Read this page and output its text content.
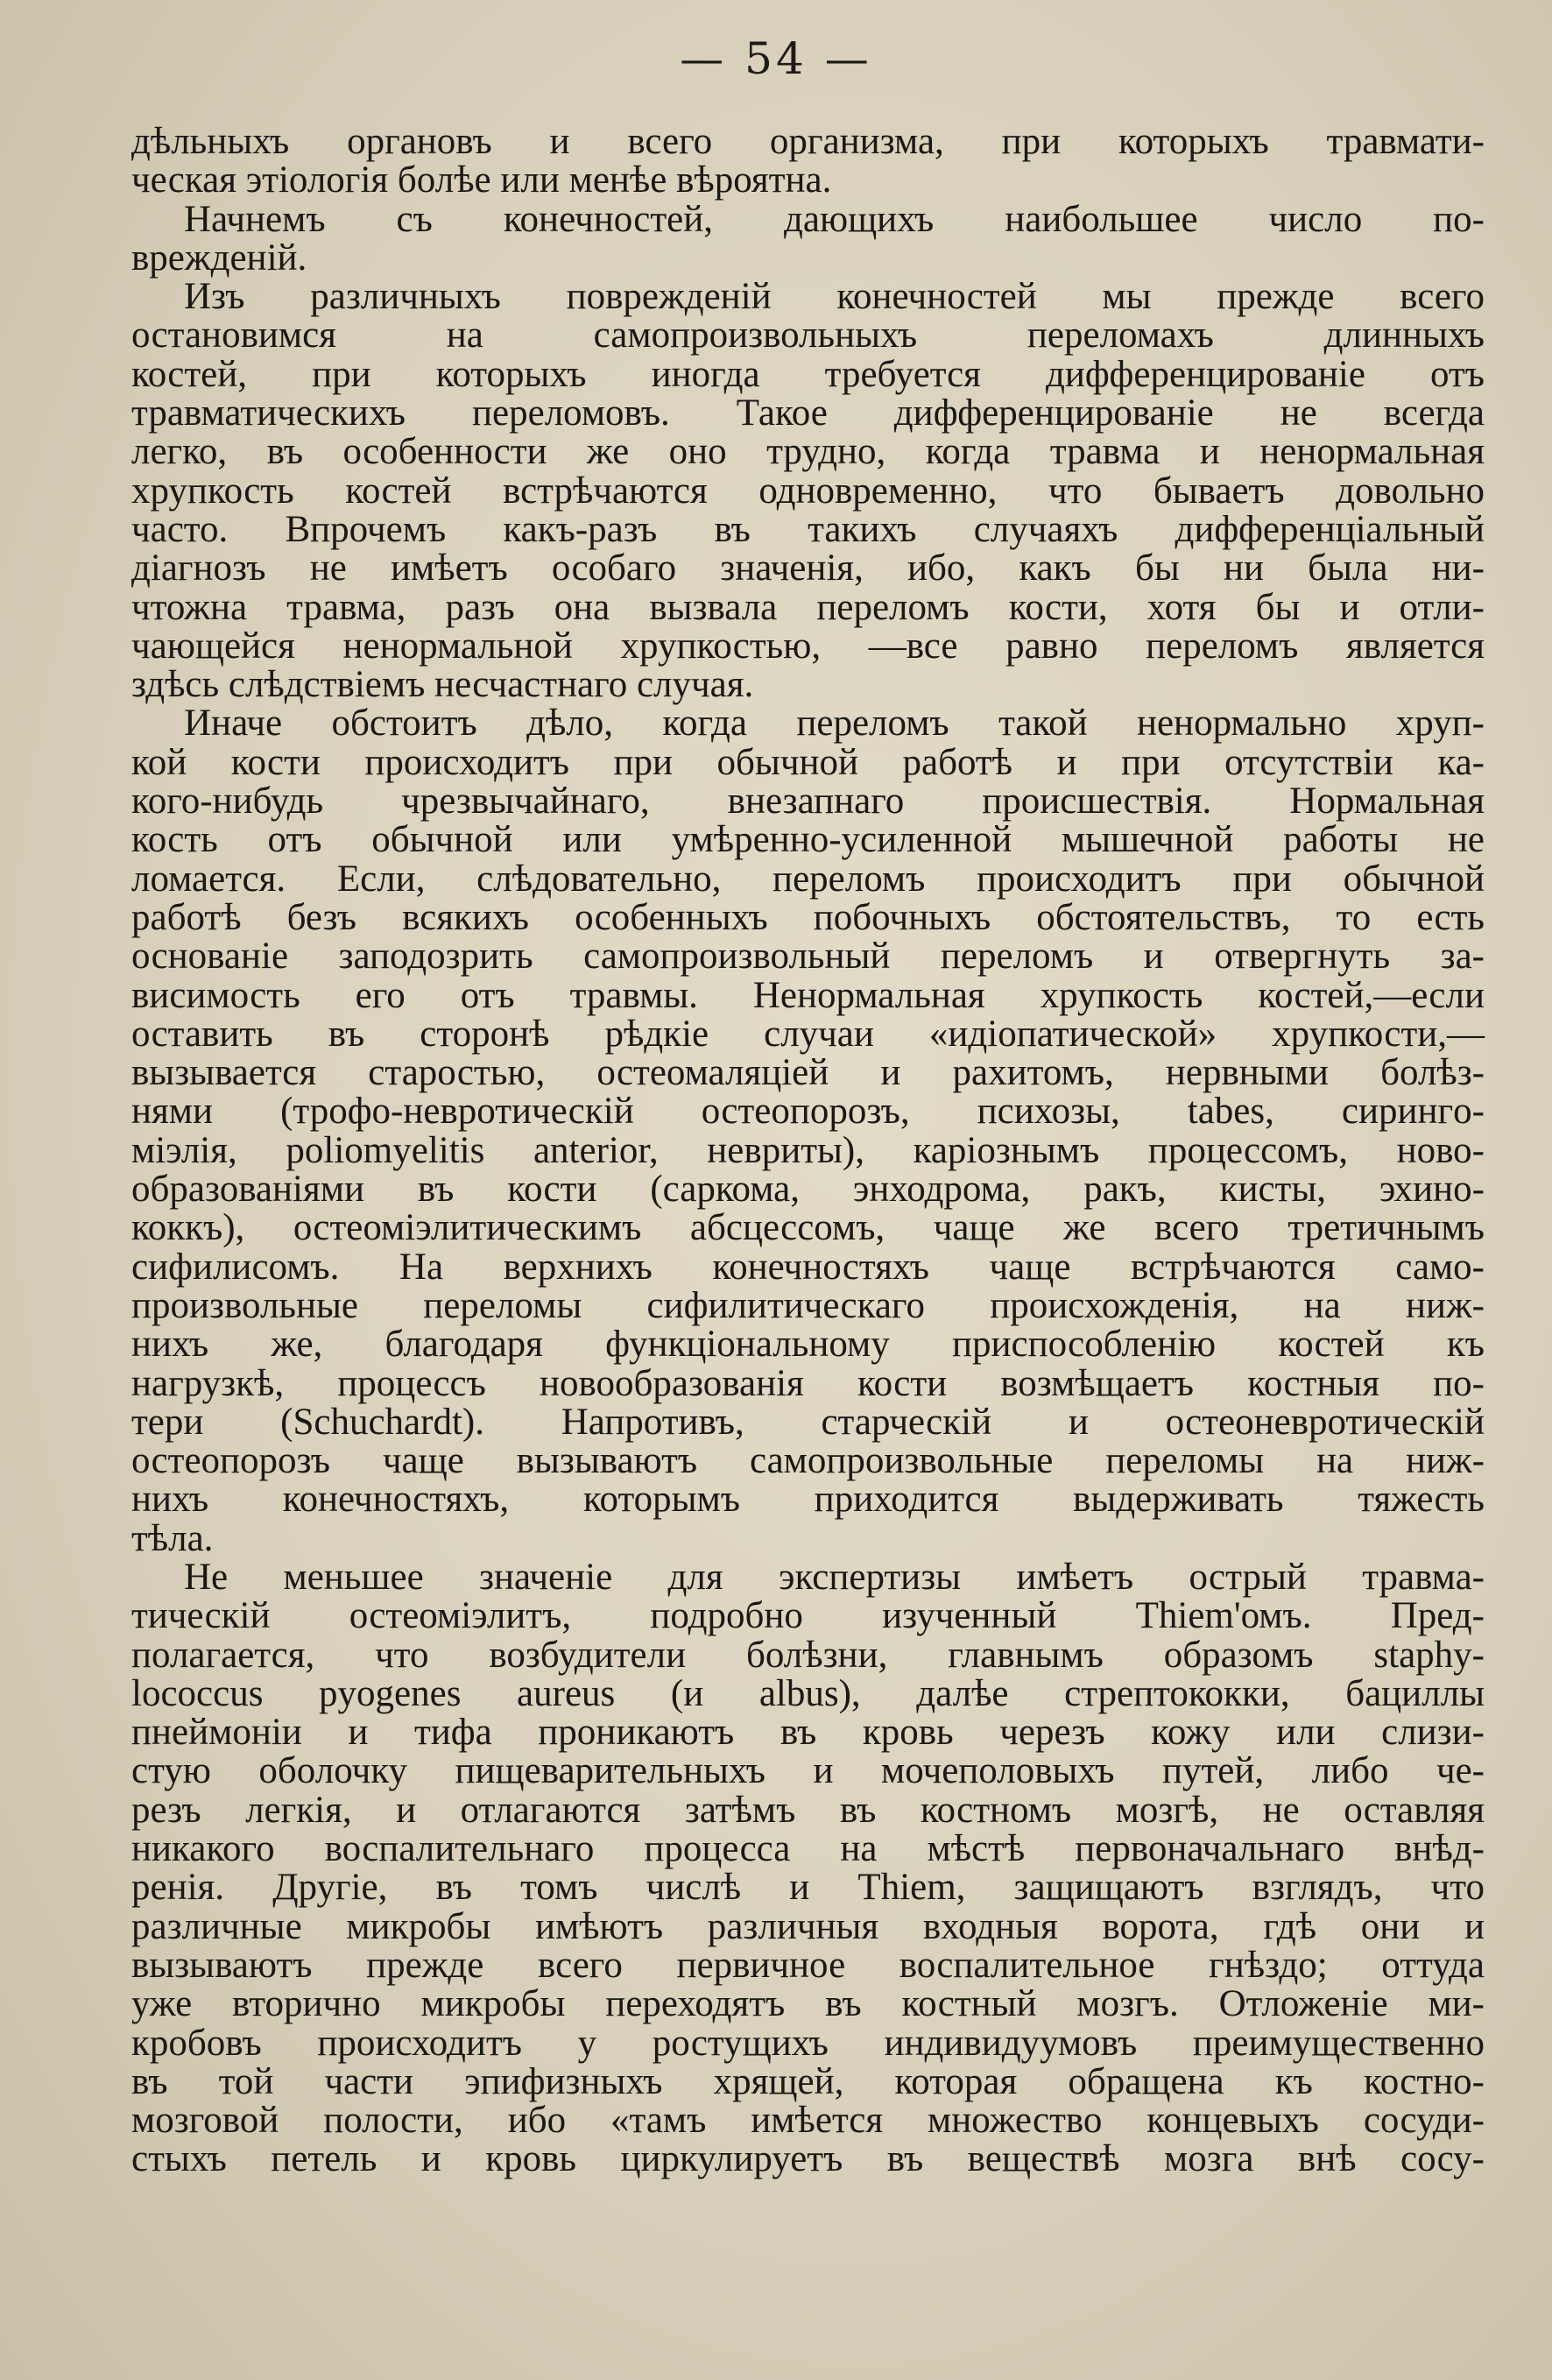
— 54 —
дѣльныхъ органовъ и всего организма, при которыхъ травмати-
ческая этіологія болѣе или менѣе вѣроятна.
Начнемъ съ конечностей, дающихъ наибольшее число по-
врежденій.
Изъ различныхъ поврежденій конечностей мы прежде всего
остановимся на самопроизвольныхъ переломахъ длинныхъ
костей, при которыхъ иногда требуется дифференцированіе отъ
травматическихъ переломовъ. Такое дифференцированіе не всегда
легко, въ особенности же оно трудно, когда травма и ненормальная
хрупкость костей встрѣчаются одновременно, что бываетъ довольно
часто. Впрочемъ какъ-разъ въ такихъ случаяхъ дифференціальный
діагнозъ не имѣетъ особаго значенія, ибо, какъ бы ни была ни-
чтожна травма, разъ она вызвала переломъ кости, хотя бы и отли-
чающейся ненормальной хрупкостью, —все равно переломъ является
здѣсь слѣдствіемъ несчастнаго случая.
Иначе обстоитъ дѣло, когда переломъ такой ненормально хруп-
кой кости происходитъ при обычной работѣ и при отсутствіи ка-
кого-нибудь чрезвычайнаго, внезапнаго происшествія. Нормальная
кость отъ обычной или умѣренно-усиленной мышечной работы не
ломается. Если, слѣдовательно, переломъ происходитъ при обычной
работѣ безъ всякихъ особенныхъ побочныхъ обстоятельствъ, то есть
основаніе заподозрить самопроизвольный переломъ и отвергнуть за-
висимость его отъ травмы. Ненормальная хрупкость костей,—если
оставить въ сторонѣ рѣдкіе случаи «идіопатической» хрупкости,—
вызывается старостью, остеомаляціей и рахитомъ, нервными болѣз-
нями (трофо-невротическій остеопорозъ, психозы, tabes, сирингo-
міэлія, poliomyelitis anterior, невриты), каріознымъ процессомъ, ново-
образованіями въ кости (саркома, энходрома, ракъ, кисты, эхино-
коккъ), остеоміэлитическимъ абсцессомъ, чаще же всего третичнымъ
сифилисомъ. На верхнихъ конечностяхъ чаще встрѣчаются само-
произвольные переломы сифилитическаго происхожденія, на ниж-
нихъ же, благодаря функціональному приспособленію костей къ
нагрузкѣ, процессъ новообразованія кости возмѣщаетъ костныя по-
тери (Schuchardt). Напротивъ, старческій и остеоневротическій
остеопорозъ чаще вызываютъ самопроизвольные переломы на ниж-
нихъ конечностяхъ, которымъ приходится выдерживать тяжесть
тѣла.
Не меньшее значеніе для экспертизы имѣетъ острый травма-
тическій остеоміэлитъ, подробно изученный Thiem'омъ. Пред-
полагается, что возбудители болѣзни, главнымъ образомъ staphy-
lococcus pyogenes aureus (и albus), далѣе стрептококки, бациллы
пнеймоніи и тифа проникаютъ въ кровь черезъ кожу или слизи-
стую оболочку пищеварительныхъ и мочеполовыхъ путей, либо че-
резъ легкія, и отлагаются затѣмъ въ костномъ мозгѣ, не оставляя
никакого воспалительнаго процесса на мѣстѣ первоначальнаго внѣд-
ренія. Другіе, въ томъ числѣ и Thiem, защищаютъ взглядъ, что
различные микробы имѣютъ различныя входныя ворота, гдѣ они и
вызываютъ прежде всего первичное воспалительное гнѣздо; оттуда
уже вторично микробы переходятъ въ костный мозгъ. Отложеніе ми-
кробовъ происходитъ у ростущихъ индивидуумовъ преимущественно
въ той части эпифизныхъ хрящей, которая обращена къ костно-
мозговой полости, ибо «тамъ имѣется множество концевыхъ сосуди-
стыхъ петель и кровь циркулируетъ въ веществѣ мозга внѣ сосу-
